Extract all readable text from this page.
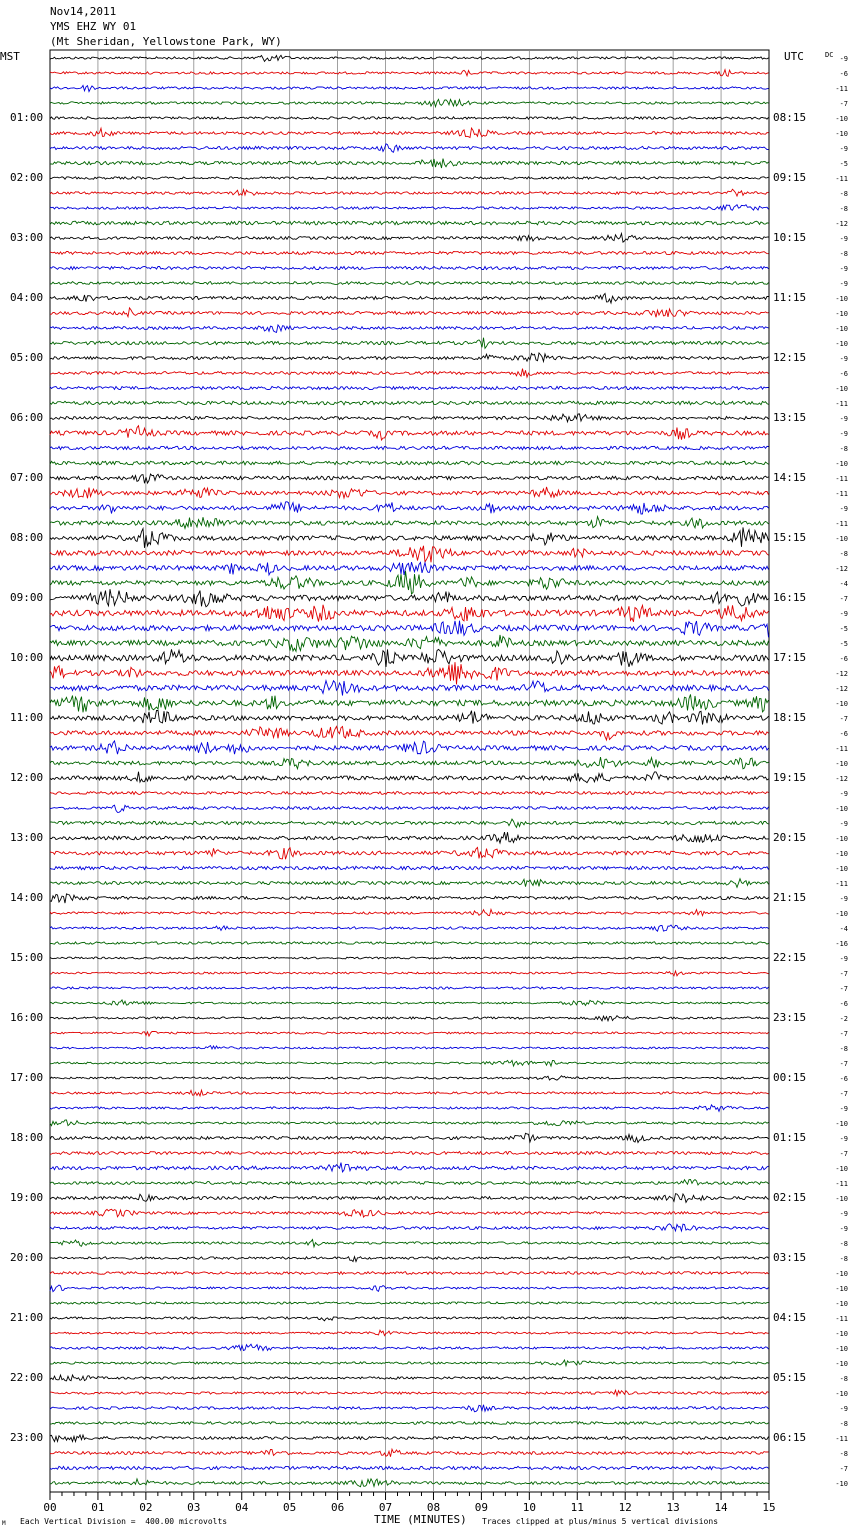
Nov14,2011
YMS EHZ WY 01
(Mt Sheridan, Yellowstone Park, WY)
MST	UTC	DC
01:00
02:00
03:00
04:00
05:00
06:00
07:00
08:00
09:00
10:00
11:00
12:00
13:00
14:00
15:00
16:00
17:00
18:00
19:00
20:00
21:00
22:00
23:00
08:15
09:15
10:15
11:15
12:15
13:15
14:15
15:15
16:15
17:15
18:15
19:15
20:15
21:15
22:15
23:15
00:15
01:15
02:15
03:15
04:15
05:15
06:15
-9
-6
-11
-7
-10
-10
-9
-5
-11
-8
-8
-12
-9
-8
-9
-9
-10
-10
-10
-10
-9
-6
-10
-11
-9
-9
-8
-10
-11
-11
-9
-11
-10
-8
-12
-4
-7
-9
-5
-5
-6
-12
-12
-10
-7
-6
-11
-10
-12
-9
-10
-9
-10
-10
-10
-11
-9
-10
-4
-16
-9
-7
-7
-6
-2
-7
-8
-7
-6
-7
-9
-10
-9
-7
-10
-11
-10
-9
-9
-8
-8
-10
-10
-10
-11
-10
-10
-10
-8
-10
-9
-8
-11
-8
-7
-10
00	01	02	03	04	05	06	07	08	09	10	11	12	13	14	15
M Each Vertical Division =  400.00 microvolts	TIME (MINUTES) Traces clipped at plus/minus 5 vertical divisions
